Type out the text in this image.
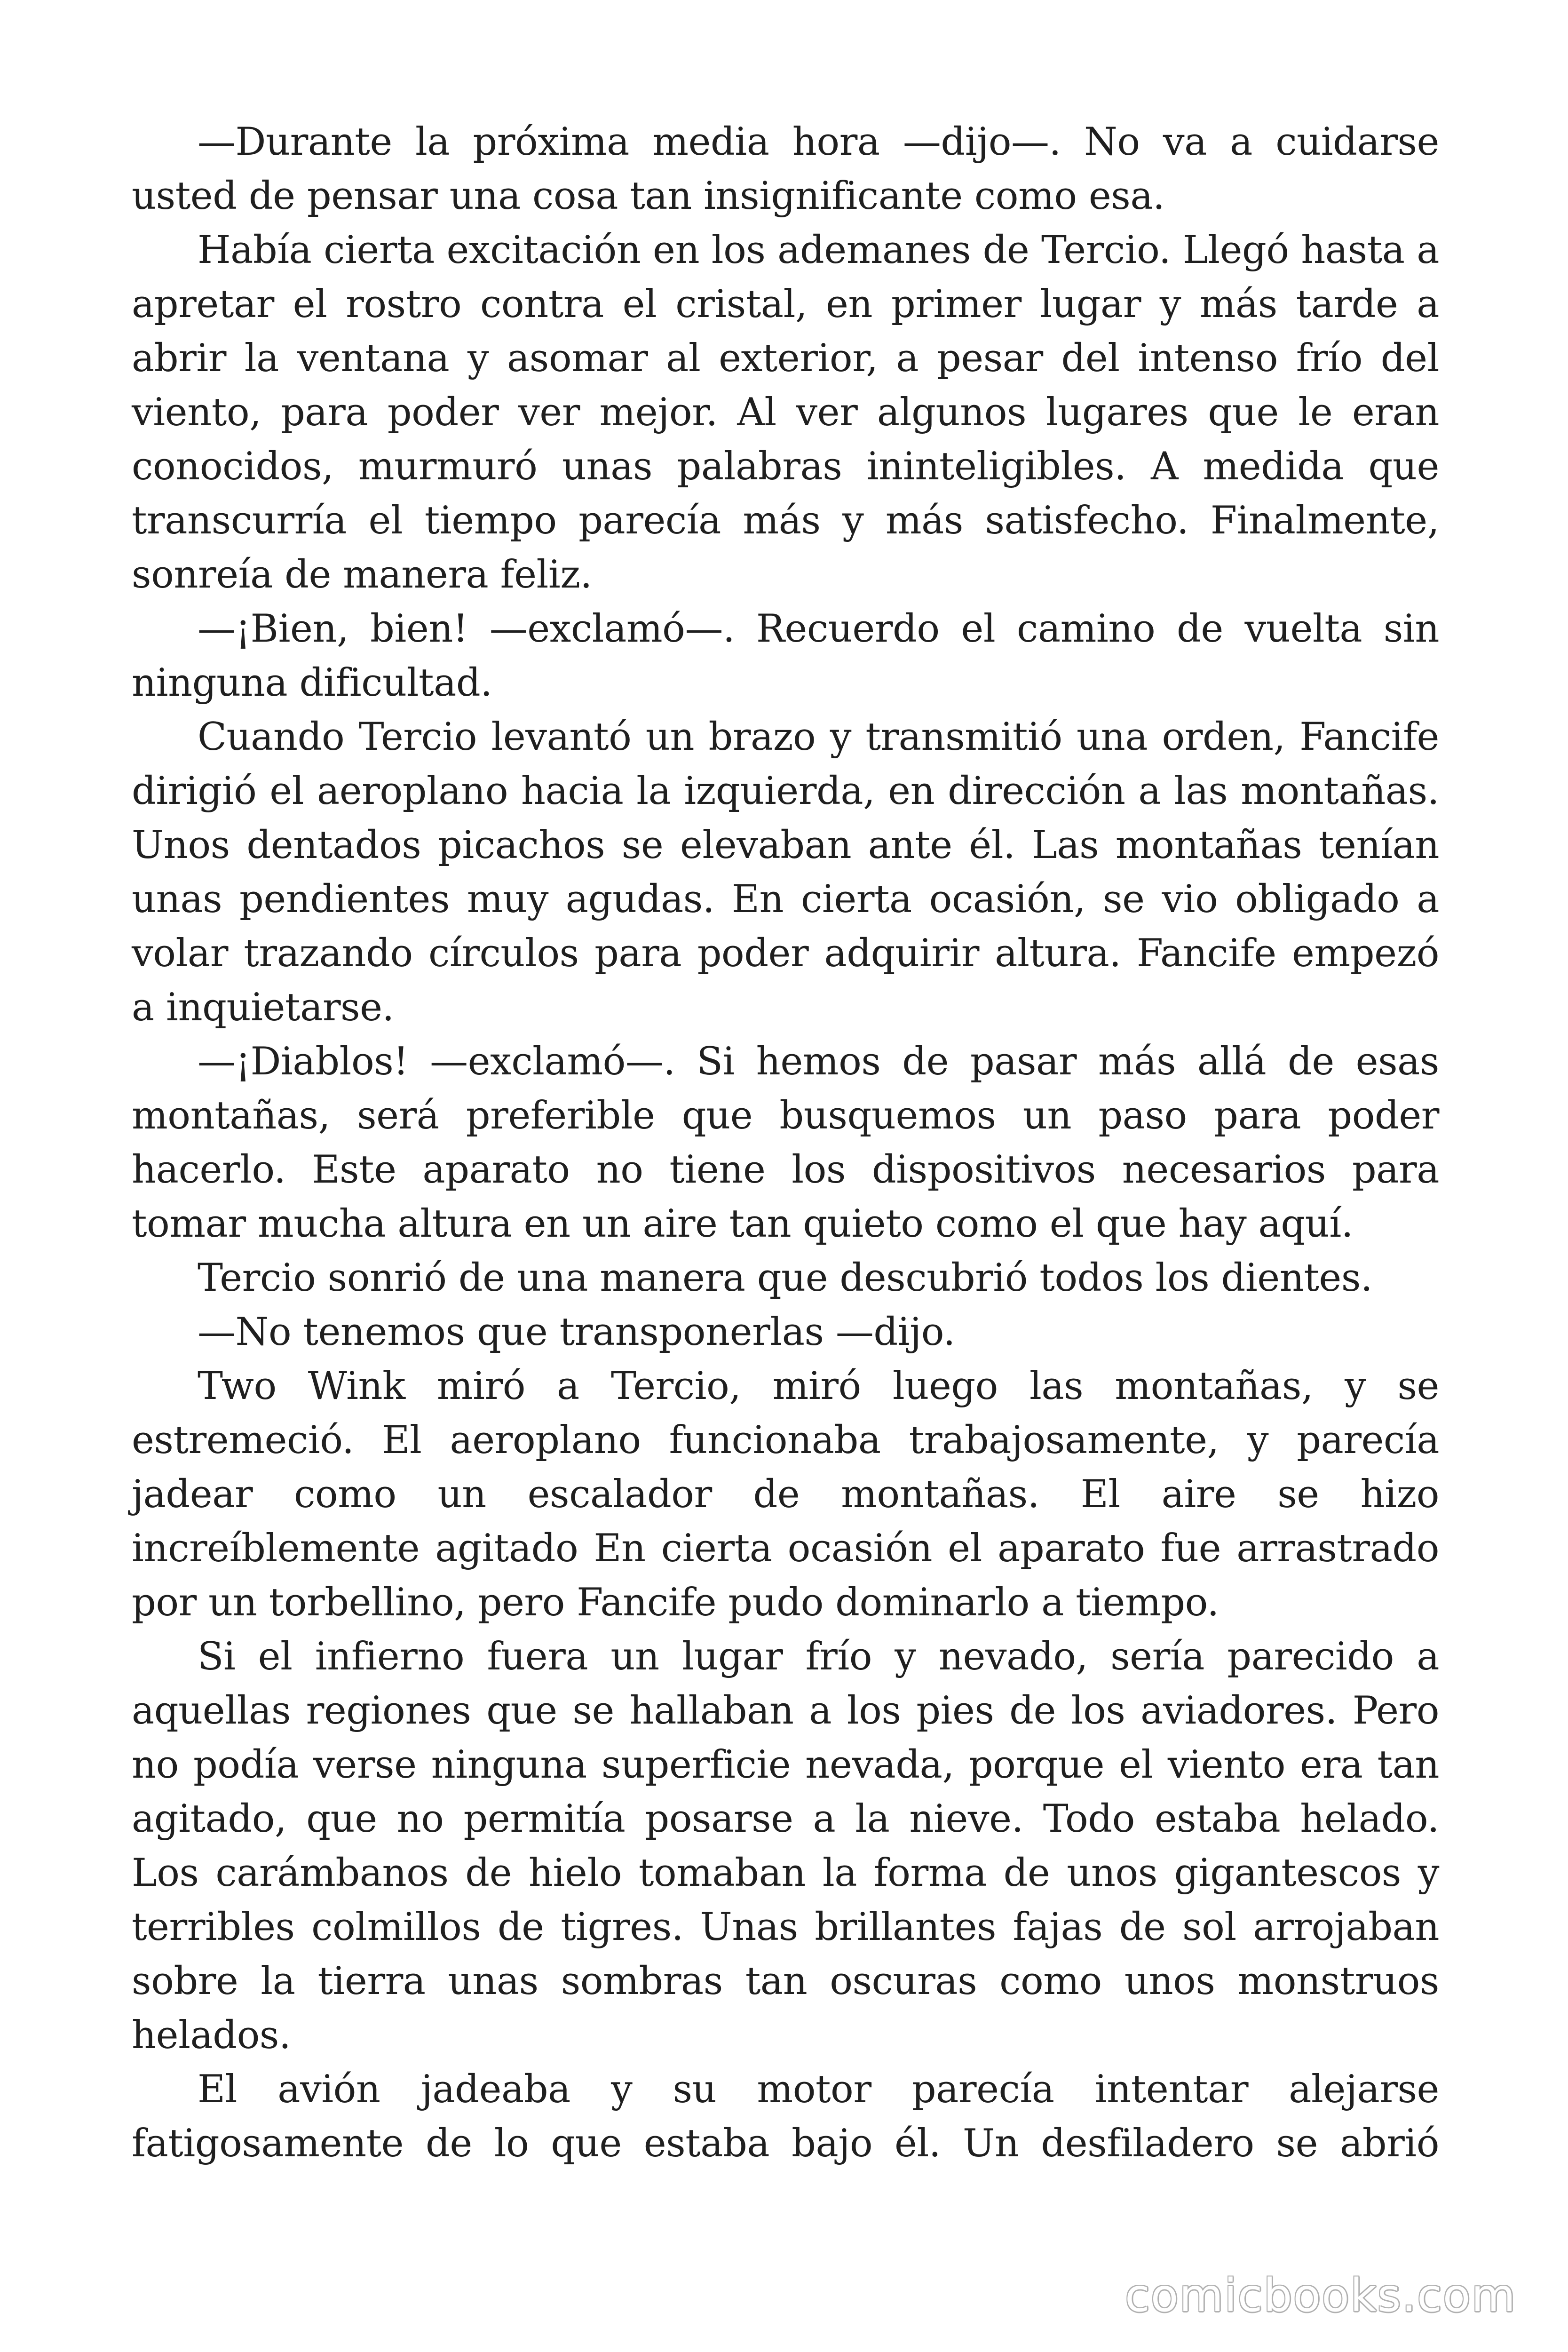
—Durante la próxima media hora —dijo—. No va a cuidarse usted de pensar una cosa tan insignificante como esa.

Había cierta excitación en los ademanes de Tercio. Llegó hasta a apretar el rostro contra el cristal, en primer lugar y más tarde a abrir la ventana y asomar al exterior, a pesar del intenso frío del viento, para poder ver mejor. Al ver algunos lugares que le eran conocidos, murmuró unas palabras ininteligibles. A medida que transcurría el tiempo parecía más y más satisfecho. Finalmente, sonreía de manera feliz.

—¡Bien, bien! —exclamó—. Recuerdo el camino de vuelta sin ninguna dificultad.

Cuando Tercio levantó un brazo y transmitió una orden, Fancife dirigió el aeroplano hacia la izquierda, en dirección a las montañas. Unos dentados picachos se elevaban ante él. Las montañas tenían unas pendientes muy agudas. En cierta ocasión, se vio obligado a volar trazando círculos para poder adquirir altura. Fancife empezó a inquietarse.

—¡Diablos! —exclamó—. Si hemos de pasar más allá de esas montañas, será preferible que busquemos un paso para poder hacerlo. Este aparato no tiene los dispositivos necesarios para tomar mucha altura en un aire tan quieto como el que hay aquí.

Tercio sonrió de una manera que descubrió todos los dientes.

—No tenemos que transponerlas —dijo.

Two Wink miró a Tercio, miró luego las montañas, y se estremeció. El aeroplano funcionaba trabajosamente, y parecía jadear como un escalador de montañas. El aire se hizo increíblemente agitado En cierta ocasión el aparato fue arrastrado por un torbellino, pero Fancife pudo dominarlo a tiempo.

Si el infierno fuera un lugar frío y nevado, sería parecido a aquellas regiones que se hallaban a los pies de los aviadores. Pero no podía verse ninguna superficie nevada, porque el viento era tan agitado, que no permitía posarse a la nieve. Todo estaba helado. Los carámbanos de hielo tomaban la forma de unos gigantescos y terribles colmillos de tigres. Unas brillantes fajas de sol arrojaban sobre la tierra unas sombras tan oscuras como unos monstruos helados.

El avión jadeaba y su motor parecía intentar alejarse fatigosamente de lo que estaba bajo él. Un desfiladero se abrió

comicbooks.com
